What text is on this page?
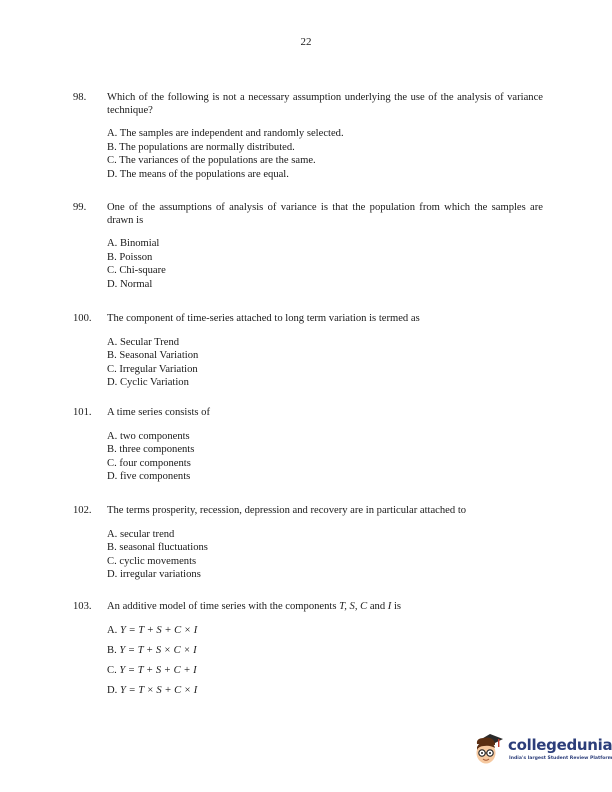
22
98.	Which of the following is not a necessary assumption underlying the use of the analysis of variance technique?
A. The samples are independent and randomly selected.
B. The populations are normally distributed.
C. The variances of the populations are the same.
D. The means of the populations are equal.
99.	One of the assumptions of analysis of variance is that the population from which the samples are drawn is
A. Binomial
B. Poisson
C. Chi-square
D. Normal
100.	The component of time-series attached to long term variation is termed as
A. Secular Trend
B. Seasonal Variation
C. Irregular Variation
D. Cyclic Variation
101.	A time series consists of
A. two components
B. three components
C. four components
D. five components
102.	The terms prosperity, recession, depression and recovery are in particular attached to
A. secular trend
B. seasonal fluctuations
C. cyclic movements
D. irregular variations
103.	An additive model of time series with the components T, S, C and I is
A. Y = T + S + C × I
B. Y = T + S × C × I
C. Y = T + S + C + I
D. Y = T × S + C × I
collegedunia
India's largest Student Review Platform
